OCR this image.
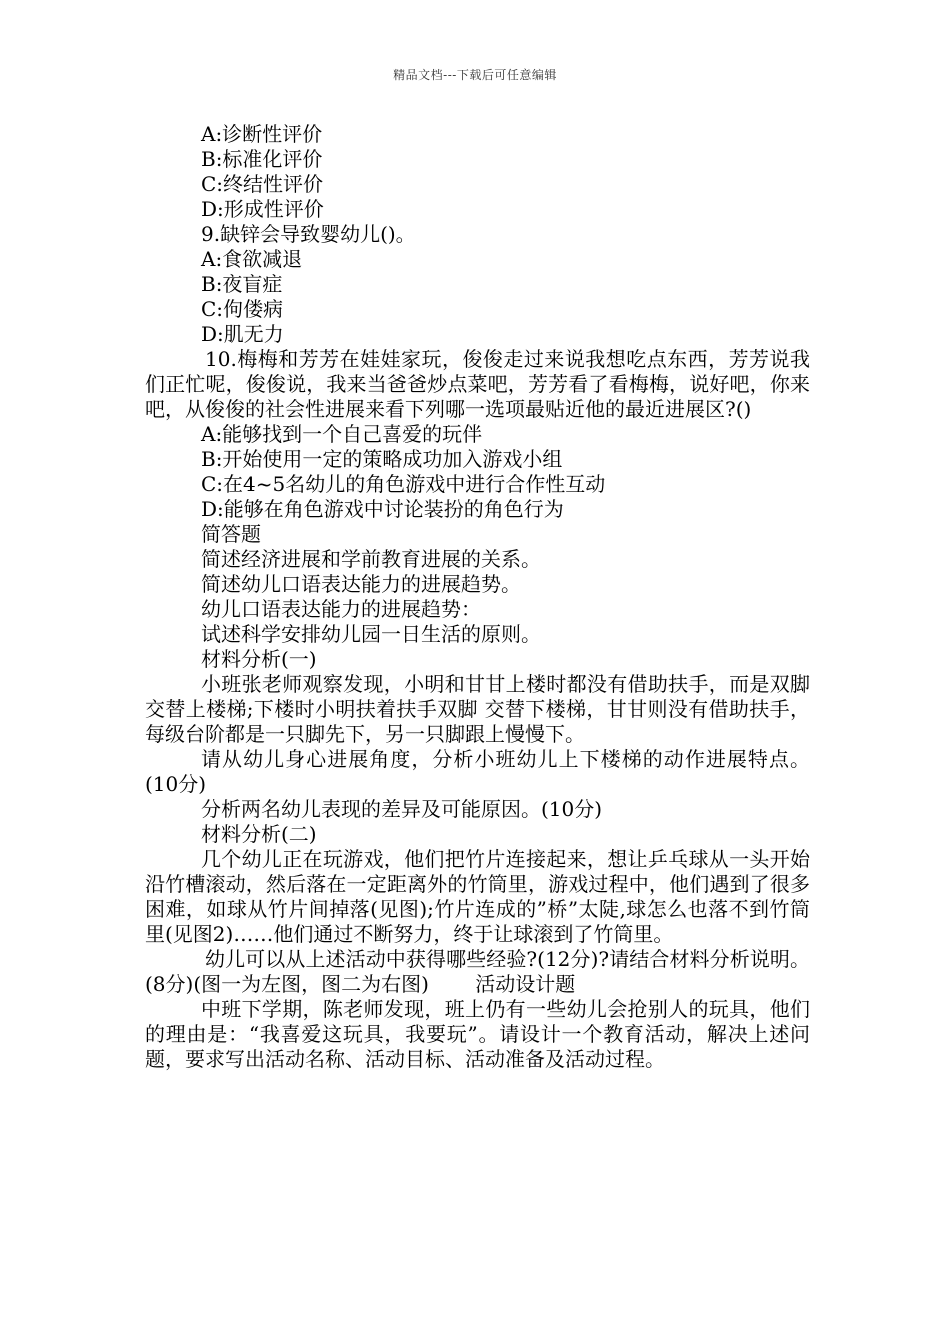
精品文档---下载后可任意编辑
A:诊断性评价
B:标准化评价
C:终结性评价
D:形成性评价
9.缺锌会导致婴幼儿()。
A:食欲减退
B:夜盲症
C:佝偻病
D:肌无力
10.梅梅和芳芳在娃娃家玩，俊俊走过来说我想吃点东西，芳芳说我们正忙呢，俊俊说，我来当爸爸炒点菜吧，芳芳看了看梅梅，说好吧，你来吧，从俊俊的社会性进展来看下列哪一选项最贴近他的最近进展区?()
A:能够找到一个自己喜爱的玩伴
B:开始使用一定的策略成功加入游戏小组
C:在4~5名幼儿的角色游戏中进行合作性互动
D:能够在角色游戏中讨论装扮的角色行为
简答题
简述经济进展和学前教育进展的关系。
简述幼儿口语表达能力的进展趋势。
幼儿口语表达能力的进展趋势：
试述科学安排幼儿园一日生活的原则。
材料分析(一)
小班张老师观察发现，小明和甘甘上楼时都没有借助扶手，而是双脚 交替上楼梯;下楼时小明扶着扶手双脚 交替下楼梯，甘甘则没有借助扶手，每级台阶都是一只脚先下，另一只脚跟上慢慢下。
请从幼儿身心进展角度，分析小班幼儿上下楼梯的动作进展特点。(10分)
分析两名幼儿表现的差异及可能原因。(10分)
材料分析(二)
几个幼儿正在玩游戏，他们把竹片连接起来，想让乒乓球从一头开始沿竹槽滚动，然后落在一定距离外的竹筒里，游戏过程中，他们遇到了很多困难，如球从竹片间掉落(见图);竹片连成的”桥”太陡,球怎么也落不到竹筒里(见图2)……他们通过不断努力，终于让球滚到了竹筒里。
幼儿可以从上述活动中获得哪些经验?(12分)?请结合材料分析说明。(8分)(图一为左图，图二为右图)　　 活动设计题
中班下学期，陈老师发现，班上仍有一些幼儿会抢别人的玩具，他们的理由是：“我喜爱这玩具，我要玩”。请设计一个教育活动，解决上述问题，要求写出活动名称、活动目标、活动准备及活动过程。
